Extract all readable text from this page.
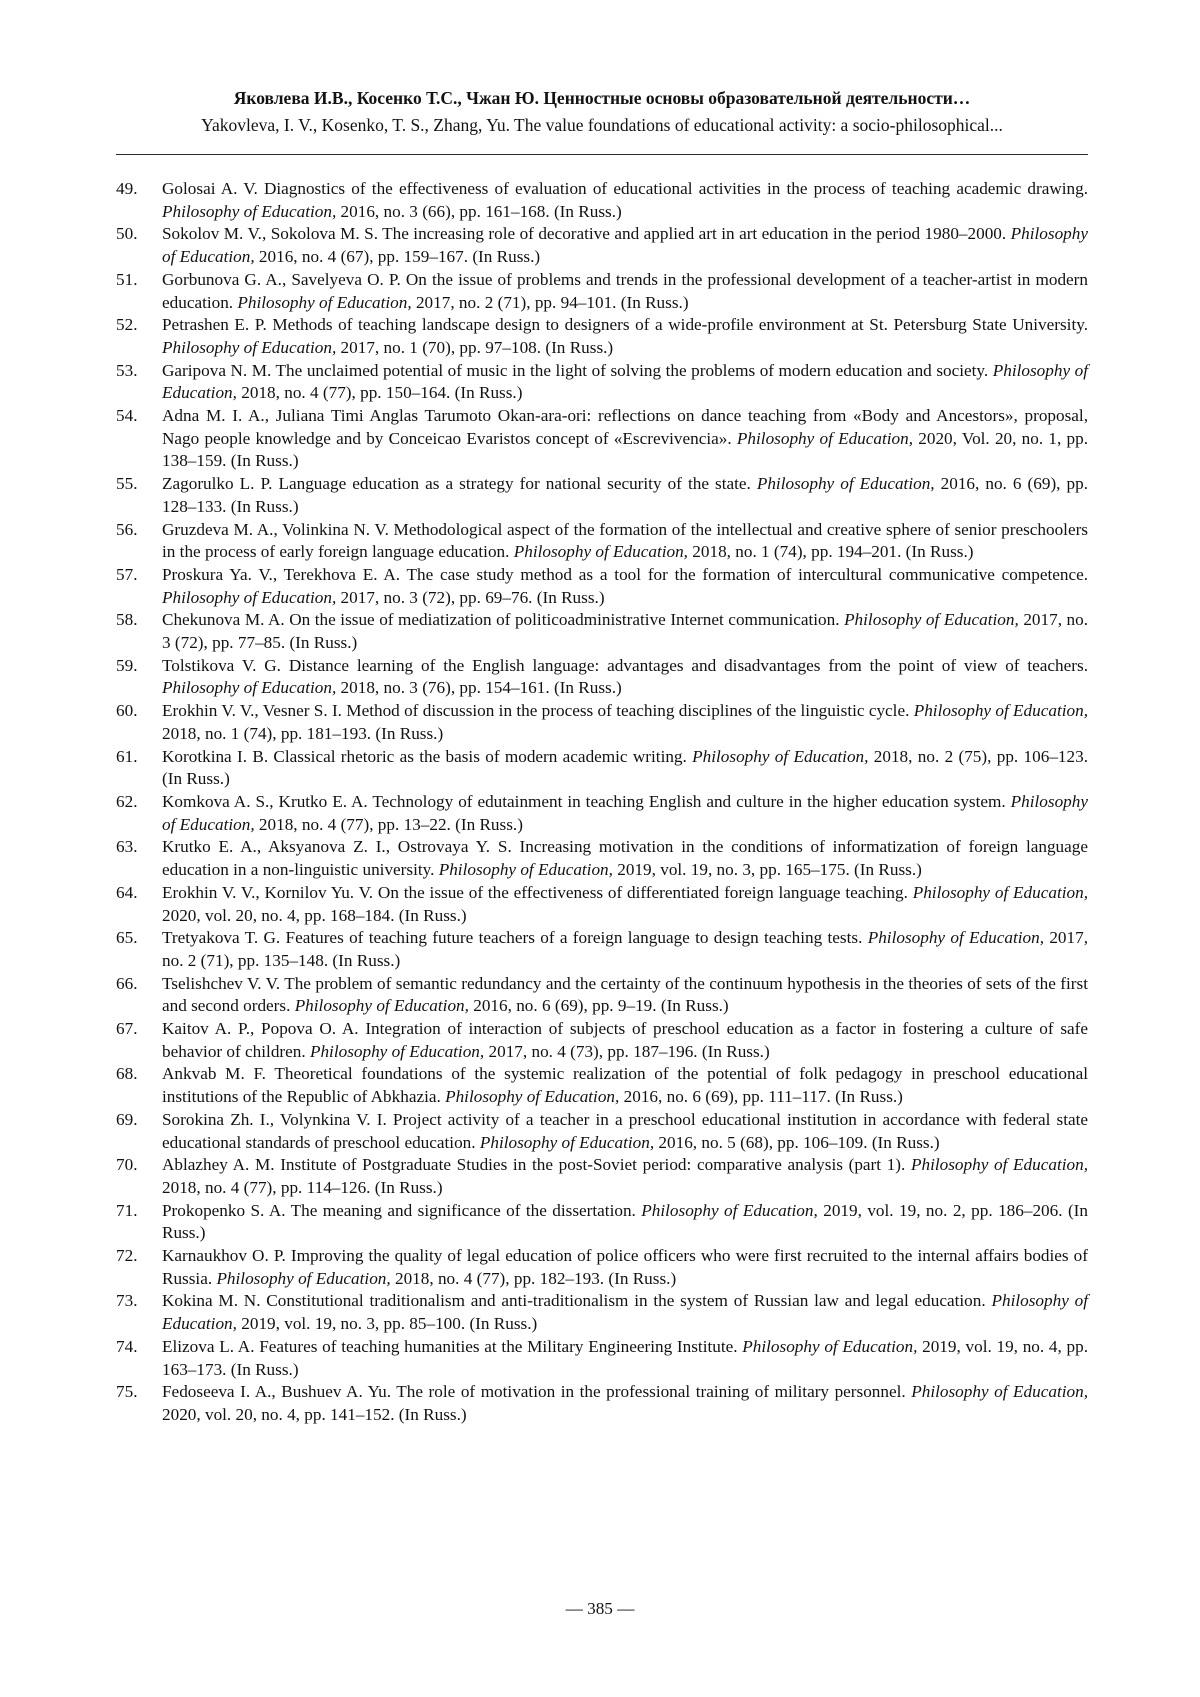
Яковлева И.В., Косенко Т.С., Чжан Ю. Ценностные основы образовательной деятельности…
Yakovleva, I. V., Kosenko, T. S., Zhang, Yu. The value foundations of educational activity: a socio-philosophical...
49.	Golosai A. V. Diagnostics of the effectiveness of evaluation of educational activities in the process of teaching academic drawing. Philosophy of Education, 2016, no. 3 (66), pp. 161–168. (In Russ.)
50.	Sokolov M. V., Sokolova M. S. The increasing role of decorative and applied art in art education in the period 1980–2000. Philosophy of Education, 2016, no. 4 (67), pp. 159–167. (In Russ.)
51.	Gorbunova G. A., Savelyeva O. P. On the issue of problems and trends in the professional development of a teacher-artist in modern education. Philosophy of Education, 2017, no. 2 (71), pp. 94–101. (In Russ.)
52.	Petrashen E. P. Methods of teaching landscape design to designers of a wide-profile environment at St. Petersburg State University. Philosophy of Education, 2017, no. 1 (70), pp. 97–108. (In Russ.)
53.	Garipova N. M. The unclaimed potential of music in the light of solving the problems of modern education and society. Philosophy of Education, 2018, no. 4 (77), pp. 150–164. (In Russ.)
54.	Adna M. I. A., Juliana Timi Anglas Tarumoto Okan-ara-ori: reflections on dance teaching from «Body and Ancestors», proposal, Nago people knowledge and by Conceicao Evaristos concept of «Escrevivencia». Philosophy of Education, 2020, Vol. 20, no. 1, pp. 138–159. (In Russ.)
55.	Zagorulko L. P. Language education as a strategy for national security of the state. Philosophy of Education, 2016, no. 6 (69), pp. 128–133. (In Russ.)
56.	Gruzdeva M. A., Volinkina N. V. Methodological aspect of the formation of the intellectual and creative sphere of senior preschoolers in the process of early foreign language education. Philosophy of Education, 2018, no. 1 (74), pp. 194–201. (In Russ.)
57.	Proskura Ya. V., Terekhova E. A. The case study method as a tool for the formation of intercultural communicative competence. Philosophy of Education, 2017, no. 3 (72), pp. 69–76. (In Russ.)
58.	Chekunova M. A. On the issue of mediatization of politicoadministrative Internet communication. Philosophy of Education, 2017, no. 3 (72), pp. 77–85. (In Russ.)
59.	Tolstikova V. G. Distance learning of the English language: advantages and disadvantages from the point of view of teachers. Philosophy of Education, 2018, no. 3 (76), pp. 154–161. (In Russ.)
60.	Erokhin V. V., Vesner S. I. Method of discussion in the process of teaching disciplines of the linguistic cycle. Philosophy of Education, 2018, no. 1 (74), pp. 181–193. (In Russ.)
61.	Korotkina I. B. Classical rhetoric as the basis of modern academic writing. Philosophy of Education, 2018, no. 2 (75), pp. 106–123. (In Russ.)
62.	Komkova A. S., Krutko E. A. Technology of edutainment in teaching English and culture in the higher education system. Philosophy of Education, 2018, no. 4 (77), pp. 13–22. (In Russ.)
63.	Krutko E. A., Aksyanova Z. I., Ostrovaya Y. S. Increasing motivation in the conditions of informatization of foreign language education in a non-linguistic university. Philosophy of Education, 2019, vol. 19, no. 3, pp. 165–175. (In Russ.)
64.	Erokhin V. V., Kornilov Yu. V. On the issue of the effectiveness of differentiated foreign language teaching. Philosophy of Education, 2020, vol. 20, no. 4, pp. 168–184. (In Russ.)
65.	Tretyakova T. G. Features of teaching future teachers of a foreign language to design teaching tests. Philosophy of Education, 2017, no. 2 (71), pp. 135–148. (In Russ.)
66.	Tselishchev V. V. The problem of semantic redundancy and the certainty of the continuum hypothesis in the theories of sets of the first and second orders. Philosophy of Education, 2016, no. 6 (69), pp. 9–19. (In Russ.)
67.	Kaitov A. P., Popova O. A. Integration of interaction of subjects of preschool education as a factor in fostering a culture of safe behavior of children. Philosophy of Education, 2017, no. 4 (73), pp. 187–196. (In Russ.)
68.	Ankvab M. F. Theoretical foundations of the systemic realization of the potential of folk pedagogy in preschool educational institutions of the Republic of Abkhazia. Philosophy of Education, 2016, no. 6 (69), pp. 111–117. (In Russ.)
69.	Sorokina Zh. I., Volynkina V. I. Project activity of a teacher in a preschool educational institution in accordance with federal state educational standards of preschool education. Philosophy of Education, 2016, no. 5 (68), pp. 106–109. (In Russ.)
70.	Ablazhey A. M. Institute of Postgraduate Studies in the post-Soviet period: comparative analysis (part 1). Philosophy of Education, 2018, no. 4 (77), pp. 114–126. (In Russ.)
71.	Prokopenko S. A. The meaning and significance of the dissertation. Philosophy of Education, 2019, vol. 19, no. 2, pp. 186–206. (In Russ.)
72.	Karnaukhov O. P. Improving the quality of legal education of police officers who were first recruited to the internal affairs bodies of Russia. Philosophy of Education, 2018, no. 4 (77), pp. 182–193. (In Russ.)
73.	Kokina M. N. Constitutional traditionalism and anti-traditionalism in the system of Russian law and legal education. Philosophy of Education, 2019, vol. 19, no. 3, pp. 85–100. (In Russ.)
74.	Elizova L. A. Features of teaching humanities at the Military Engineering Institute. Philosophy of Education, 2019, vol. 19, no. 4, pp. 163–173. (In Russ.)
75.	Fedoseeva I. A., Bushuev A. Yu. The role of motivation in the professional training of military personnel. Philosophy of Education, 2020, vol. 20, no. 4, pp. 141–152. (In Russ.)
— 385 —
